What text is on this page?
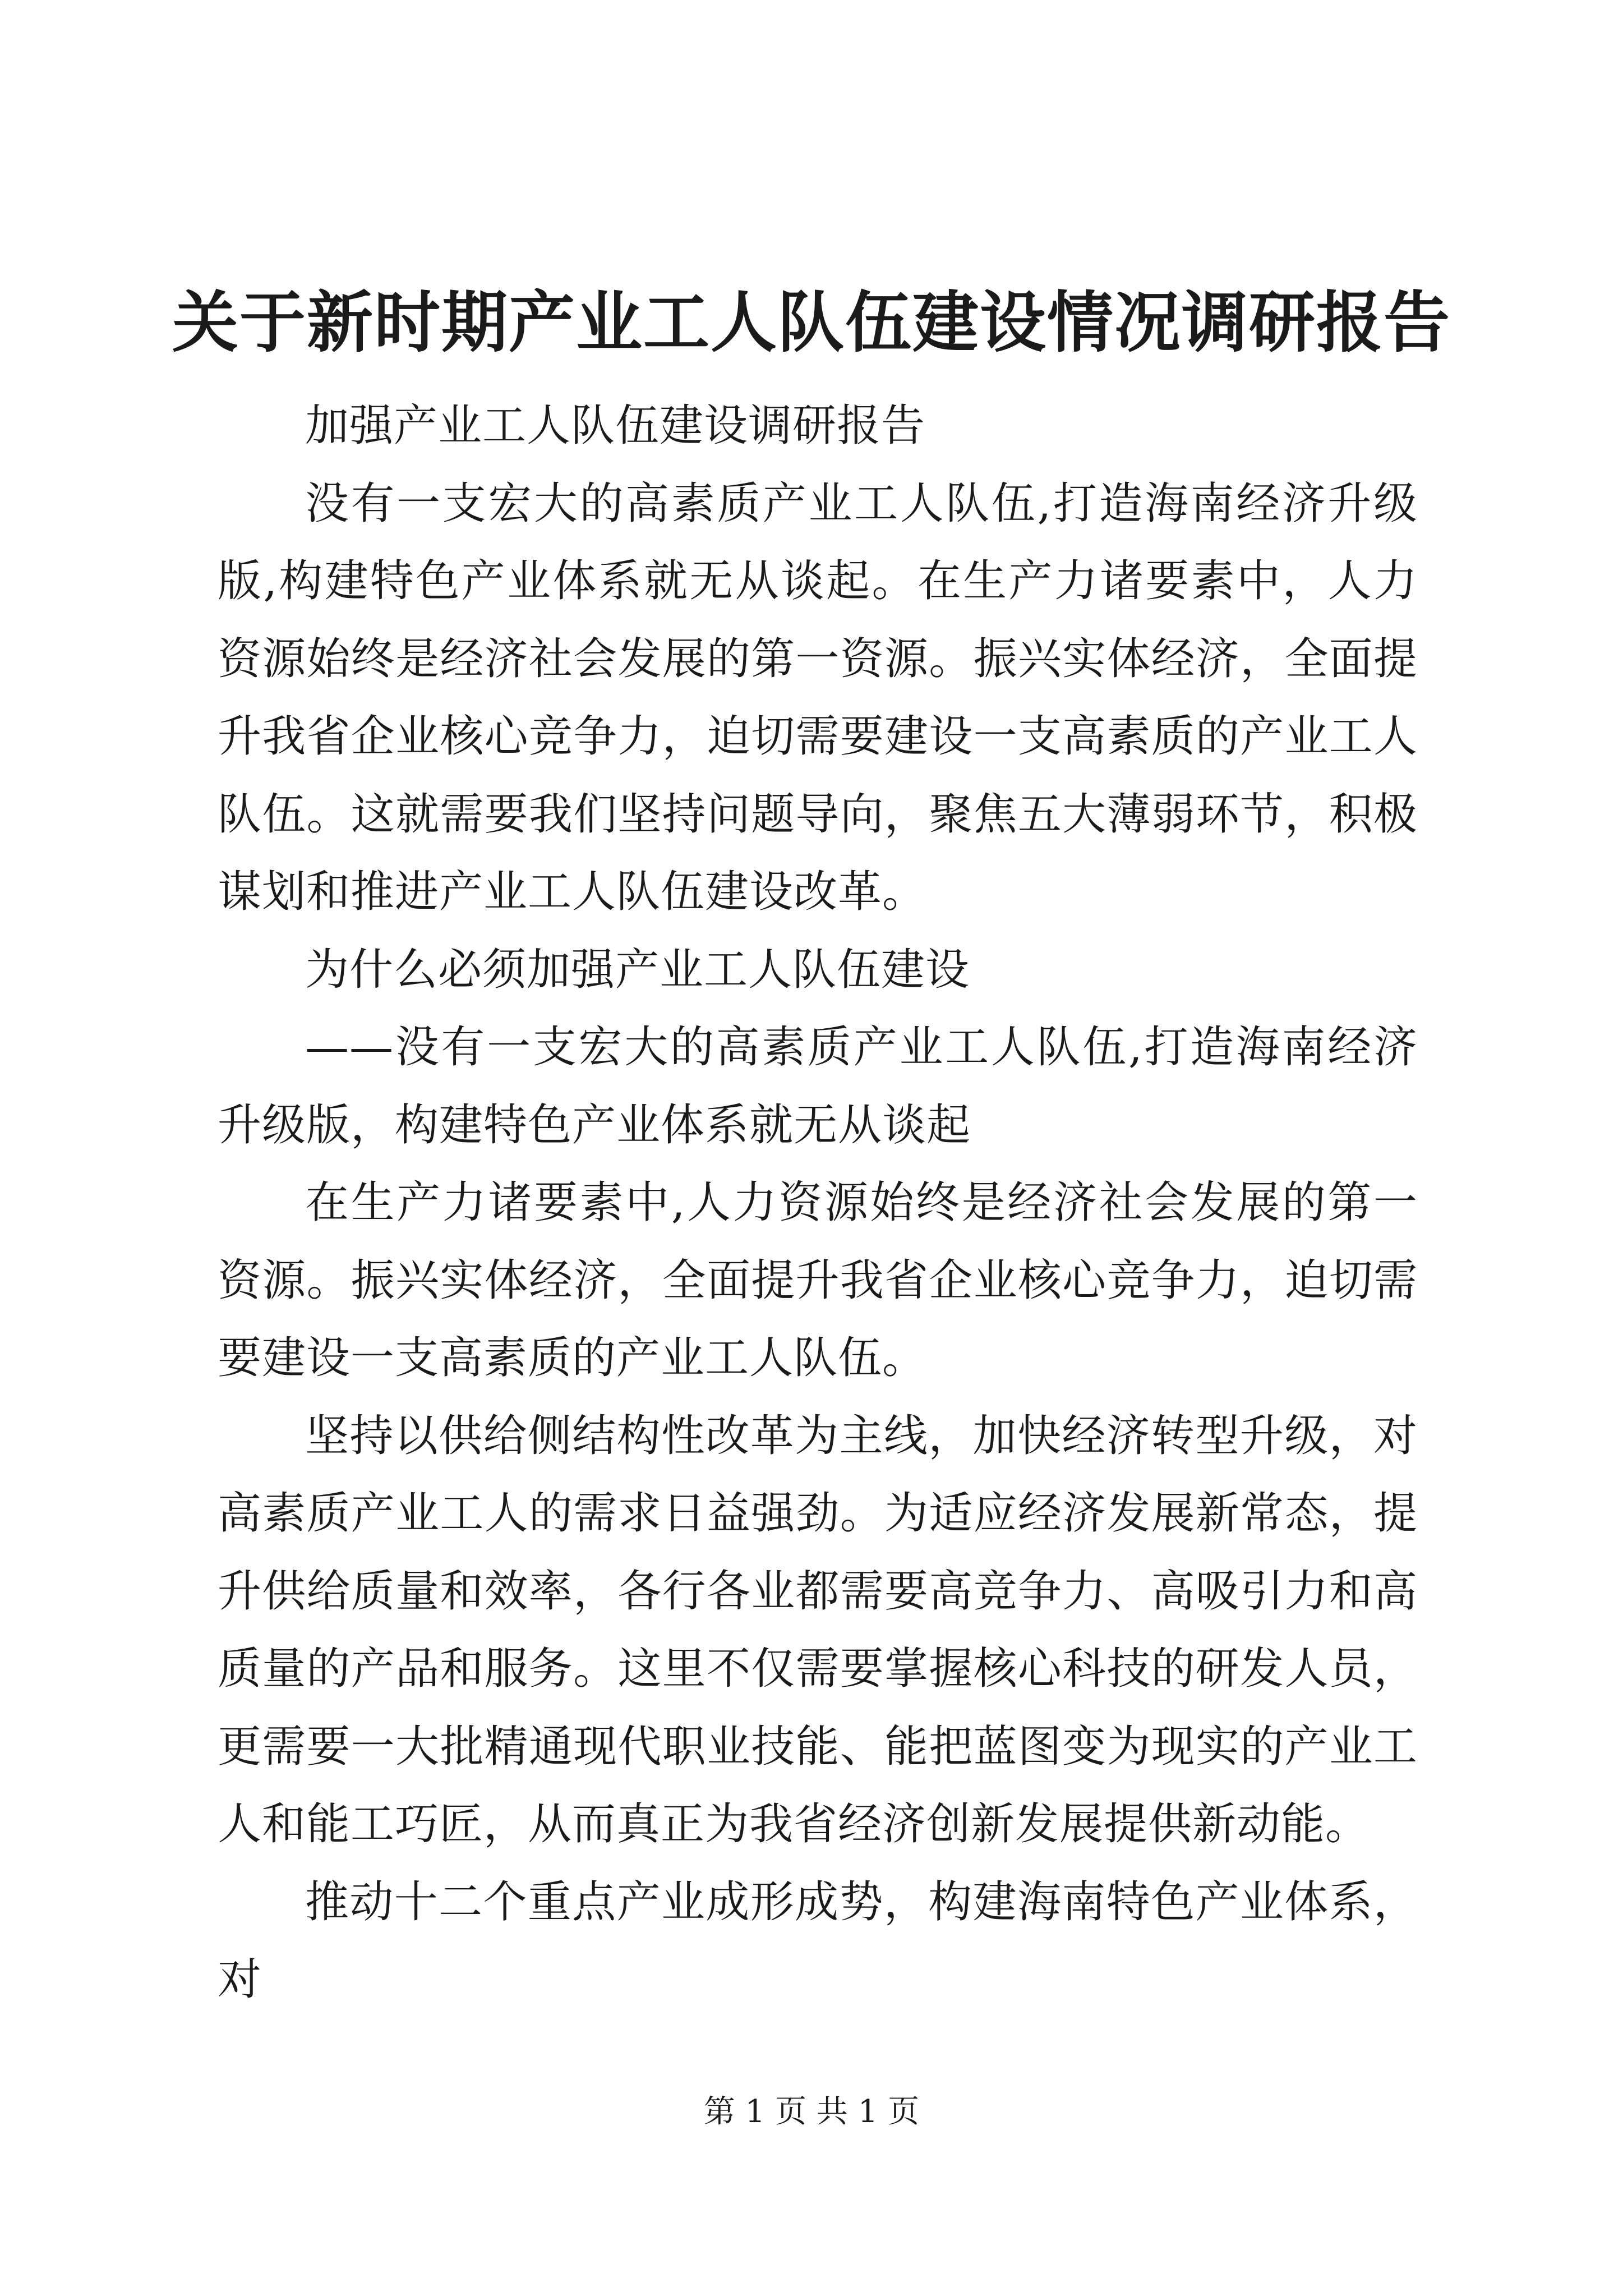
关于新时期产业工人队伍建设情况调研报告

加强产业工人队伍建设调研报告

没有一支宏大的高素质产业工人队伍,打造海南经济升级版,构建特色产业体系就无从谈起。在生产力诸要素中，人力资源始终是经济社会发展的第一资源。振兴实体经济，全面提升我省企业核心竞争力，迫切需要建设一支高素质的产业工人队伍。这就需要我们坚持问题导向，聚焦五大薄弱环节，积极谋划和推进产业工人队伍建设改革。

为什么必须加强产业工人队伍建设

——没有一支宏大的高素质产业工人队伍,打造海南经济升级版，构建特色产业体系就无从谈起

在生产力诸要素中,人力资源始终是经济社会发展的第一资源。振兴实体经济，全面提升我省企业核心竞争力，迫切需要建设一支高素质的产业工人队伍。

坚持以供给侧结构性改革为主线，加快经济转型升级，对高素质产业工人的需求日益强劲。为适应经济发展新常态，提升供给质量和效率，各行各业都需要高竞争力、高吸引力和高质量的产品和服务。这里不仅需要掌握核心科技的研发人员，更需要一大批精通现代职业技能、能把蓝图变为现实的产业工人和能工巧匠，从而真正为我省经济创新发展提供新动能。

推动十二个重点产业成形成势，构建海南特色产业体系，对

第 1 页 共 1 页
